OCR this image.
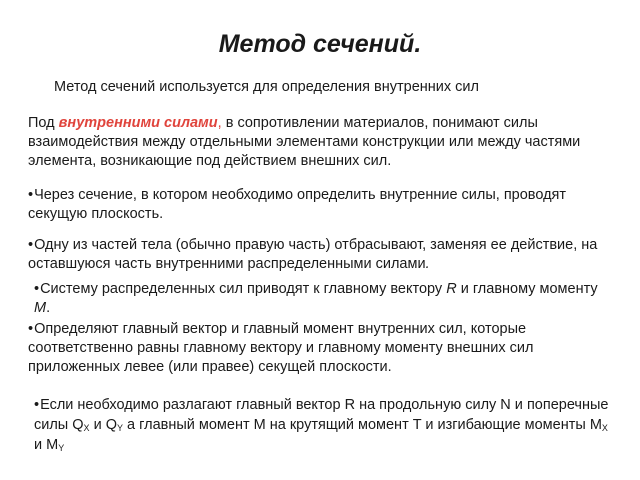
Метод сечений.
Метод сечений используется для определения внутренних сил
Под внутренними силами, в сопротивлении материалов, понимают силы взаимодействия между отдельными элементами конструкции или между частями элемента, возникающие под действием внешних сил.
•Через сечение, в котором необходимо определить внутренние силы, проводят секущую плоскость.
•Одну из частей тела (обычно правую часть) отбрасывают, заменяя ее действие, на оставшуюся часть внутренними распределенными силами.
•Систему распределенных сил приводят к главному вектору R и главному моменту M.
•Определяют главный вектор и главный момент внутренних сил, которые соответственно равны главному вектору и главному моменту внешних сил приложенных левее (или правее) секущей плоскости.
•Если необходимо разлагают главный вектор R на продольную силу N и поперечные силы $Q_X$ и $Q_Y$ а главный момент M на крутящий момент T и изгибающие моменты $M_X$ и $M_Y$
